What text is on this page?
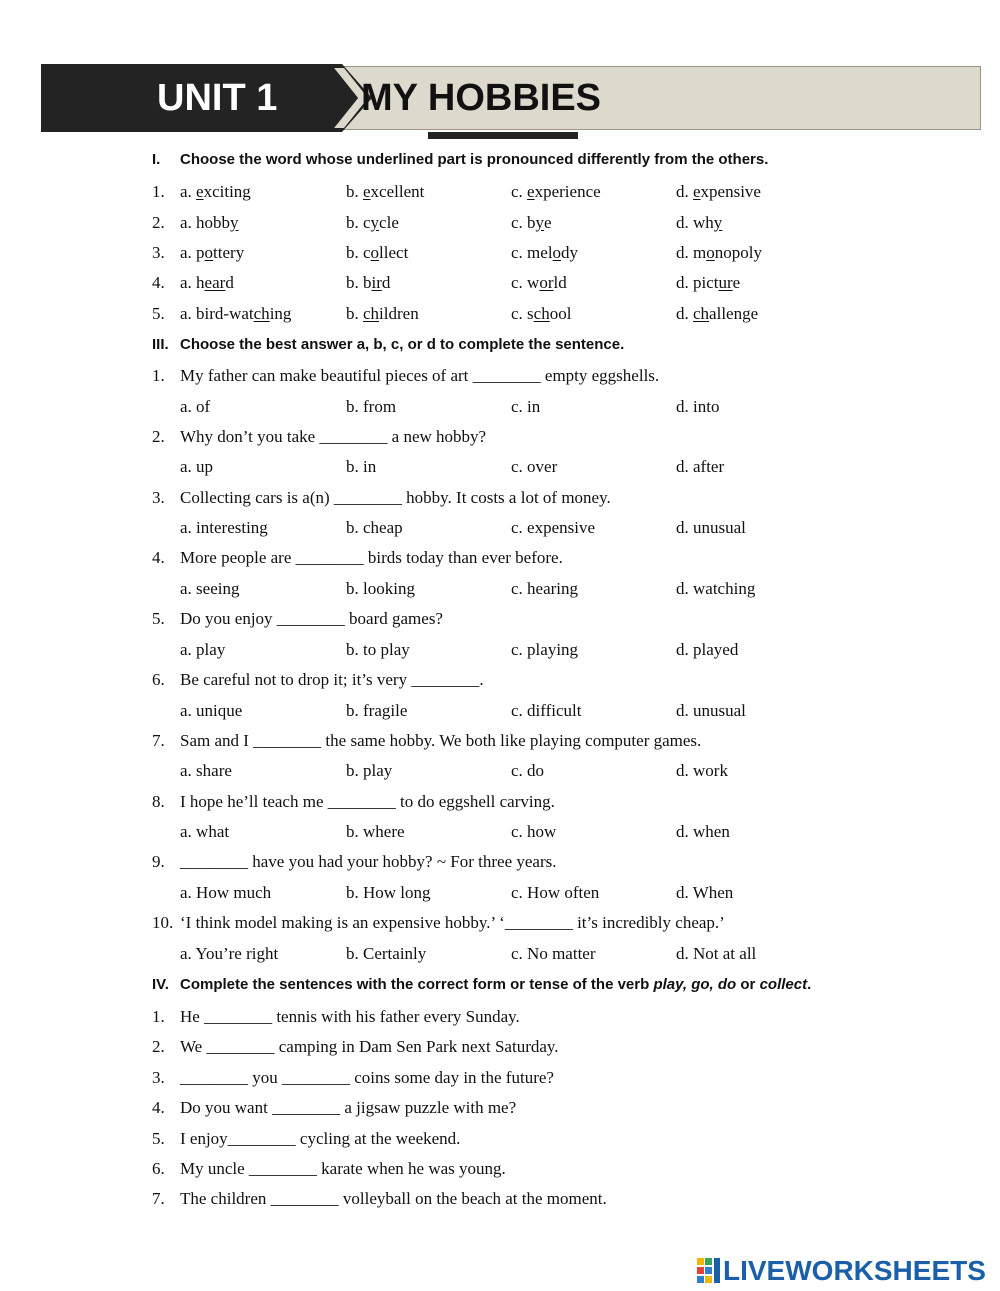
UNIT 1 MY HOBBIES
I. Choose the word whose underlined part is pronounced differently from the others.
1. a. exciting	b. excellent	c. experience	d. expensive
2. a. hobby	b. cycle	c. bye	d. why
3. a. pottery	b. collect	c. melody	d. monopoly
4. a. heard	b. bird	c. world	d. picture
5. a. bird-watching	b. children	c. school	d. challenge
III. Choose the best answer a, b, c, or d to complete the sentence.
1. My father can make beautiful pieces of art ________ empty eggshells.
a. of	b. from	c. in	d. into
2. Why don’t you take ________ a new hobby?
a. up	b. in	c. over	d. after
3. Collecting cars is a(n) ________ hobby. It costs a lot of money.
a. interesting	b. cheap	c. expensive	d. unusual
4. More people are ________ birds today than ever before.
a. seeing	b. looking	c. hearing	d. watching
5. Do you enjoy ________ board games?
a. play	b. to play	c. playing	d. played
6. Be careful not to drop it; it’s very ________.
a. unique	b. fragile	c. difficult	d. unusual
7. Sam and I ________ the same hobby. We both like playing computer games.
a. share	b. play	c. do	d. work
8. I hope he’ll teach me ________ to do eggshell carving.
a. what	b. where	c. how	d. when
9. ________ have you had your hobby? ~ For three years.
a. How much	b. How long	c. How often	d. When
10. ‘I think model making is an expensive hobby.’ ‘________ it’s incredibly cheap.’
a. You’re right	b. Certainly	c. No matter	d. Not at all
IV. Complete the sentences with the correct form or tense of the verb play, go, do or collect.
1. He ________ tennis with his father every Sunday.
2. We ________ camping in Dam Sen Park next Saturday.
3. ________ you ________ coins some day in the future?
4. Do you want ________ a jigsaw puzzle with me?
5. I enjoy________ cycling at the weekend.
6. My uncle ________ karate when he was young.
7. The children ________ volleyball on the beach at the moment.
LIVEWORKSHEETS
